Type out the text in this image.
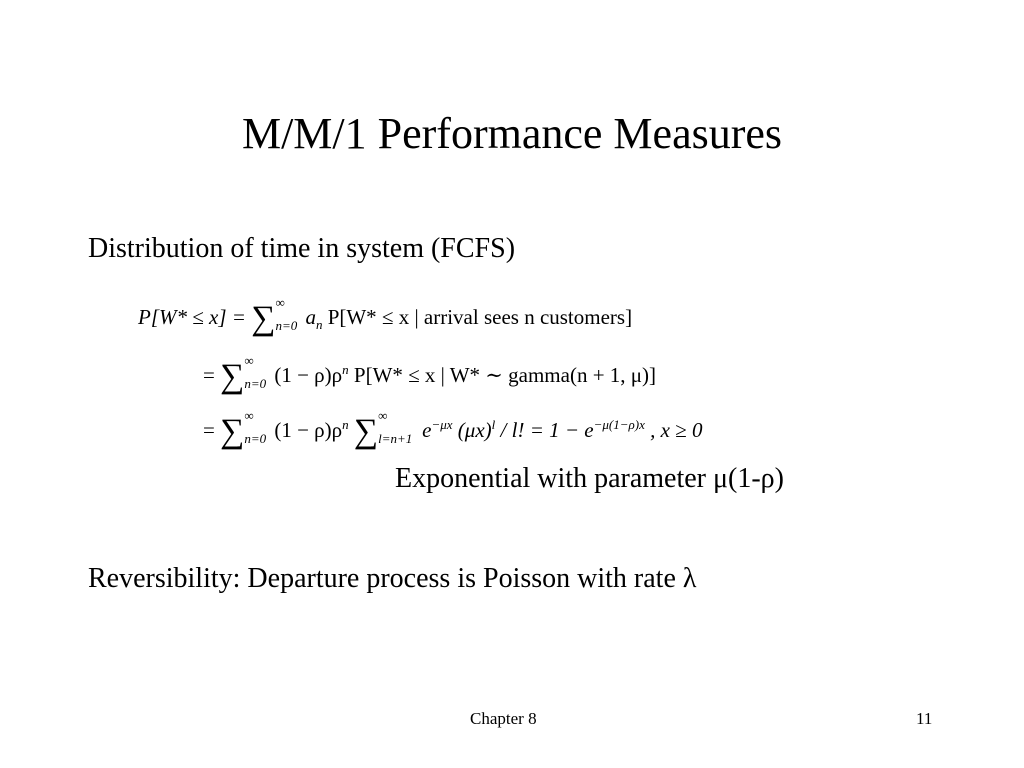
M/M/1 Performance Measures
Distribution of time in system (FCFS)
P[W* ≤ x] = ∑ ∞
n=0 $a_n$ P[W* ≤ x | arrival sees n customers]
= ∑ ∞
n=0 $(1 - \rho)\rho^n$ P[W* ≤ x | W* ∼ gamma(n + 1, μ)]
= ∑ ∞
n=0 $(1 - \rho)\rho^n$ ∑ ∞
l=n+1 $e^{-\mu x}$ $(\mu x)^l$ / l! = $1 - e^{-\mu(1-\rho)x}$ , x ≥ 0
Exponential with parameter μ(1-ρ)
Reversibility: Departure process is Poisson with rate λ
Chapter 8	11
